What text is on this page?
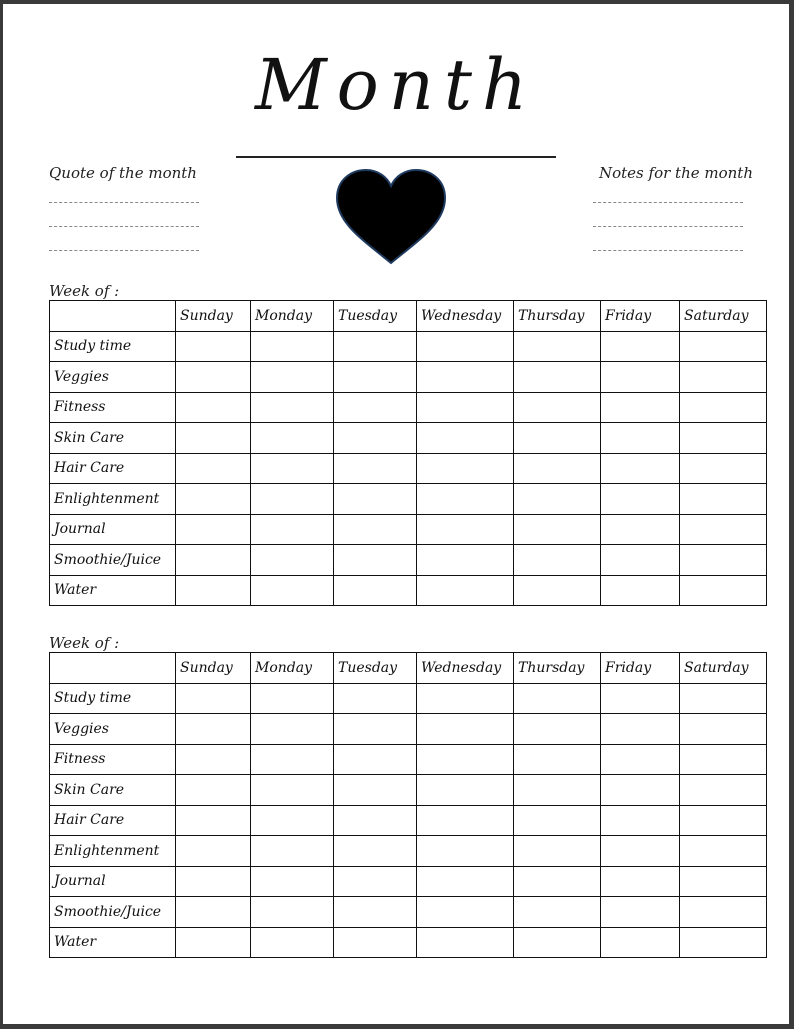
Month
Quote of the month	Notes for the month
Week of :
	Sunday	Monday	Tuesday	Wednesday	Thursday	Friday	Saturday
Study time							
Veggies							
Fitness							
Skin Care							
Hair Care							
Enlightenment							
Journal							
Smoothie/Juice							
Water							
Week of :
	Sunday	Monday	Tuesday	Wednesday	Thursday	Friday	Saturday
Study time							
Veggies							
Fitness							
Skin Care							
Hair Care							
Enlightenment							
Journal							
Smoothie/Juice							
Water							
